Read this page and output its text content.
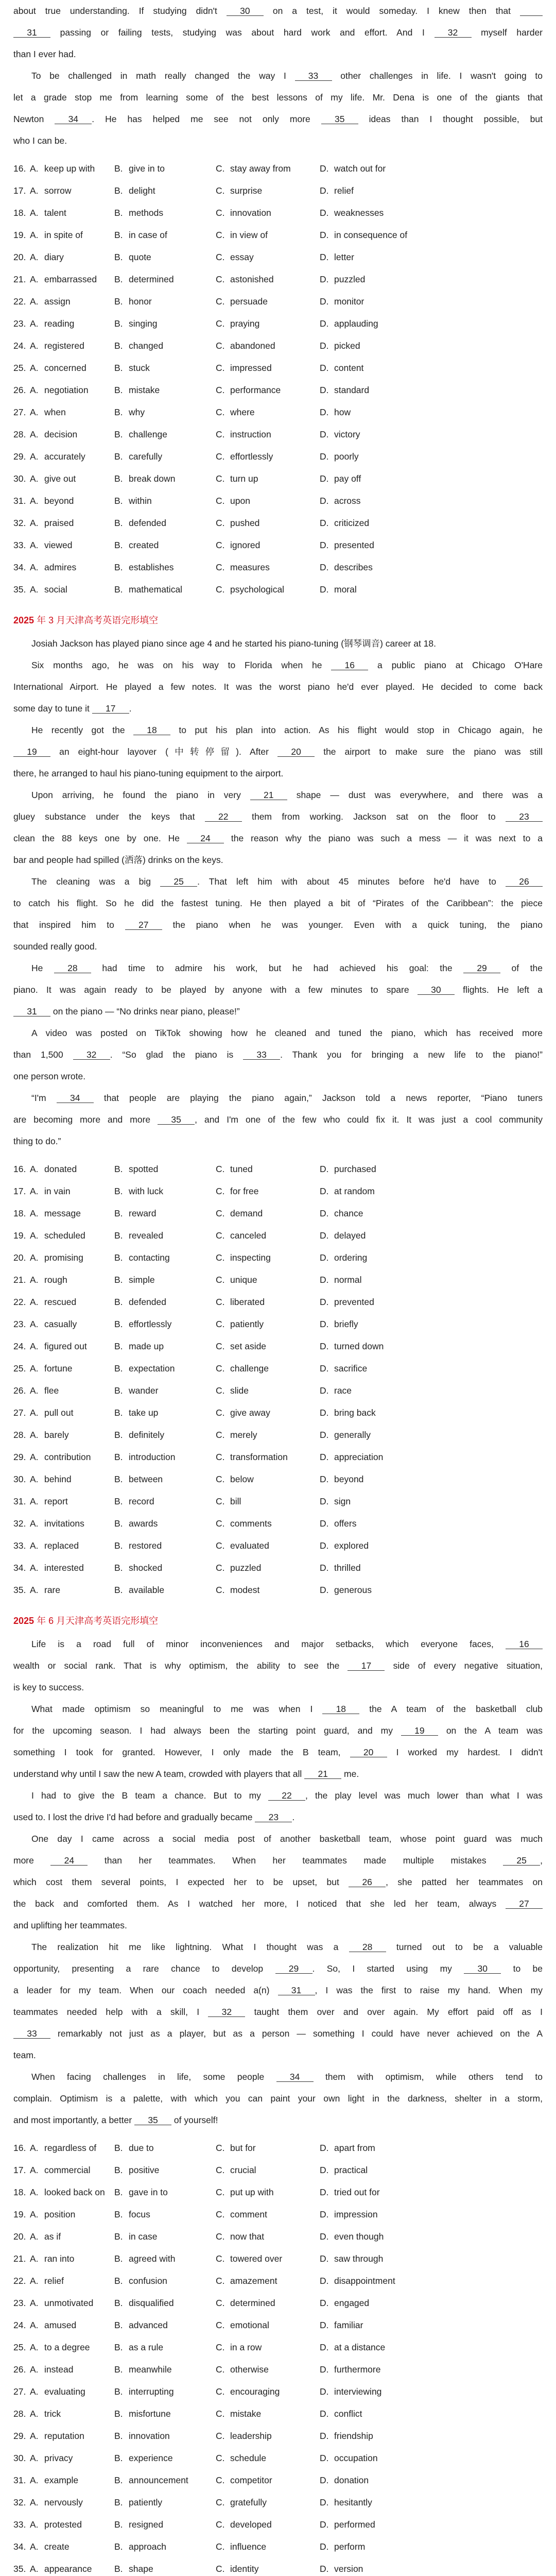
about true understanding. If studying didn't 30 on a test, it would someday. I knew then that
31 passing or failing tests, studying was about hard work and effort. And I 32 myself harder
than I ever had.
To be challenged in math really changed the way I 33 other challenges in life. I wasn't going to
let a grade stop me from learning some of the best lessons of my life. Mr. Dena is one of the giants that
Newton 34 . He has helped me see not only more 35 ideas than I thought possible, but
who I can be.
16. A. keep up with	B. give in to	C. stay away from	D. watch out for
17. A. sorrow	B. delight	C. surprise	D. relief
18. A. talent	B. methods	C. innovation	D. weaknesses
19. A. in spite of	B. in case of	C. in view of	D. in consequence of
20. A. diary	B. quote	C. essay	D. letter
21. A. embarrassed	B. determined	C. astonished	D. puzzled
22. A. assign	B. honor	C. persuade	D. monitor
23. A. reading	B. singing	C. praying	D. applauding
24. A. registered	B. changed	C. abandoned	D. picked
25. A. concerned	B. stuck	C. impressed	D. content
26. A. negotiation	B. mistake	C. performance	D. standard
27. A. when	B. why	C. where	D. how
28. A. decision	B. challenge	C. instruction	D. victory
29. A. accurately	B. carefully	C. effortlessly	D. poorly
30. A. give out	B. break down	C. turn up	D. pay off
31. A. beyond	B. within	C. upon	D. across
32. A. praised	B. defended	C. pushed	D. criticized
33. A. viewed	B. created	C. ignored	D. presented
34. A. admires	B. establishes	C. measures	D. describes
35. A. social	B. mathematical	C. psychological	D. moral
2025 年 3 月天津高考英语完形填空
Josiah Jackson has played piano since age 4 and he started his piano-tuning (钢琴调音) career at 18.
Six months ago, he was on his way to Florida when he 16 a public piano at Chicago O'Hare
International Airport. He played a few notes. It was the worst piano he'd ever played. He decided to come back
some day to tune it 17 .
He recently got the 18 to put his plan into action. As his flight would stop in Chicago again, he
19 an eight-hour layover (中转停留). After 20 the airport to make sure the piano was still
there, he arranged to haul his piano-tuning equipment to the airport.
Upon arriving, he found the piano in very 21 shape — dust was everywhere, and there was a
gluey substance under the keys that 22 them from working. Jackson sat on the floor to 23
clean the 88 keys one by one. He 24 the reason why the piano was such a mess — it was next to a
bar and people had spilled (洒落) drinks on the keys.
The cleaning was a big 25 . That left him with about 45 minutes before he'd have to 26
to catch his flight. So he did the fastest tuning. He then played a bit of “Pirates of the Caribbean”: the piece
that inspired him to 27 the piano when he was younger. Even with a quick tuning, the piano
sounded really good.
He 28 had time to admire his work, but he had achieved his goal: the 29 of the
piano. It was again ready to be played by anyone with a few minutes to spare 30 flights. He left a
31 on the piano — “No drinks near piano, please!”
A video was posted on TikTok showing how he cleaned and tuned the piano, which has received more
than 1,500 32 . “So glad the piano is 33 . Thank you for bringing a new life to the piano!”
one person wrote.
“I'm 34 that people are playing the piano again,” Jackson told a news reporter, “Piano tuners
are becoming more and more 35 , and I'm one of the few who could fix it. It was just a cool community
thing to do.”
16. A. donated	B. spotted	C. tuned	D. purchased
17. A. in vain	B. with luck	C. for free	D. at random
18. A. message	B. reward	C. demand	D. chance
19. A. scheduled	B. revealed	C. canceled	D. delayed
20. A. promising	B. contacting	C. inspecting	D. ordering
21. A. rough	B. simple	C. unique	D. normal
22. A. rescued	B. defended	C. liberated	D. prevented
23. A. casually	B. effortlessly	C. patiently	D. briefly
24. A. figured out	B. made up	C. set aside	D. turned down
25. A. fortune	B. expectation	C. challenge	D. sacrifice
26. A. flee	B. wander	C. slide	D. race
27. A. pull out	B. take up	C. give away	D. bring back
28. A. barely	B. definitely	C. merely	D. generally
29. A. contribution	B. introduction	C. transformation	D. appreciation
30. A. behind	B. between	C. below	D. beyond
31. A. report	B. record	C. bill	D. sign
32. A. invitations	B. awards	C. comments	D. offers
33. A. replaced	B. restored	C. evaluated	D. explored
34. A. interested	B. shocked	C. puzzled	D. thrilled
35. A. rare	B. available	C. modest	D. generous
2025 年 6 月天津高考英语完形填空
Life is a road full of minor inconveniences and major setbacks, which everyone faces, 16
wealth or social rank. That is why optimism, the ability to see the 17 side of every negative situation,
is key to success.
What made optimism so meaningful to me was when I 18 the A team of the basketball club
for the upcoming season. I had always been the starting point guard, and my 19 on the A team was
something I took for granted. However, I only made the B team, 20 I worked my hardest. I didn't
understand why until I saw the new A team, crowded with players that all 21 me.
I had to give the B team a chance. But to my 22 , the play level was much lower than what I was
used to. I lost the drive I'd had before and gradually became 23 .
One day I came across a social media post of another basketball team, whose point guard was much
more 24 than her teammates. When her teammates made multiple mistakes 25 ,
which cost them several points, I expected her to be upset, but 26 , she patted her teammates on
the back and comforted them. As I watched her more, I noticed that she led her team, always 27
and uplifting her teammates.
The realization hit me like lightning. What I thought was a 28 turned out to be a valuable
opportunity, presenting a rare chance to develop 29 . So, I started using my 30 to be
a leader for my team. When our coach needed a(n) 31 , I was the first to raise my hand. When my
teammates needed help with a skill, I 32 taught them over and over again. My effort paid off as I
33 remarkably not just as a player, but as a person — something I could have never achieved on the A
team.
When facing challenges in life, some people 34 them with optimism, while others tend to
complain. Optimism is a palette, with which you can paint your own light in the darkness, shelter in a storm,
and most importantly, a better 35 of yourself!
16. A. regardless of	B. due to	C. but for	D. apart from
17. A. commercial	B. positive	C. crucial	D. practical
18. A. looked back on	B. gave in to	C. put up with	D. tried out for
19. A. position	B. focus	C. comment	D. impression
20. A. as if	B. in case	C. now that	D. even though
21. A. ran into	B. agreed with	C. towered over	D. saw through
22. A. relief	B. confusion	C. amazement	D. disappointment
23. A. unmotivated	B. disqualified	C. determined	D. engaged
24. A. amused	B. advanced	C. emotional	D. familiar
25. A. to a degree	B. as a rule	C. in a row	D. at a distance
26. A. instead	B. meanwhile	C. otherwise	D. furthermore
27. A. evaluating	B. interrupting	C. encouraging	D. interviewing
28. A. trick	B. misfortune	C. mistake	D. conflict
29. A. reputation	B. innovation	C. leadership	D. friendship
30. A. privacy	B. experience	C. schedule	D. occupation
31. A. example	B. announcement	C. competitor	D. donation
32. A. nervously	B. patiently	C. gratefully	D. hesitantly
33. A. protested	B. resigned	C. developed	D. performed
34. A. create	B. approach	C. influence	D. perform
35. A. appearance	B. shape	C. identity	D. version
